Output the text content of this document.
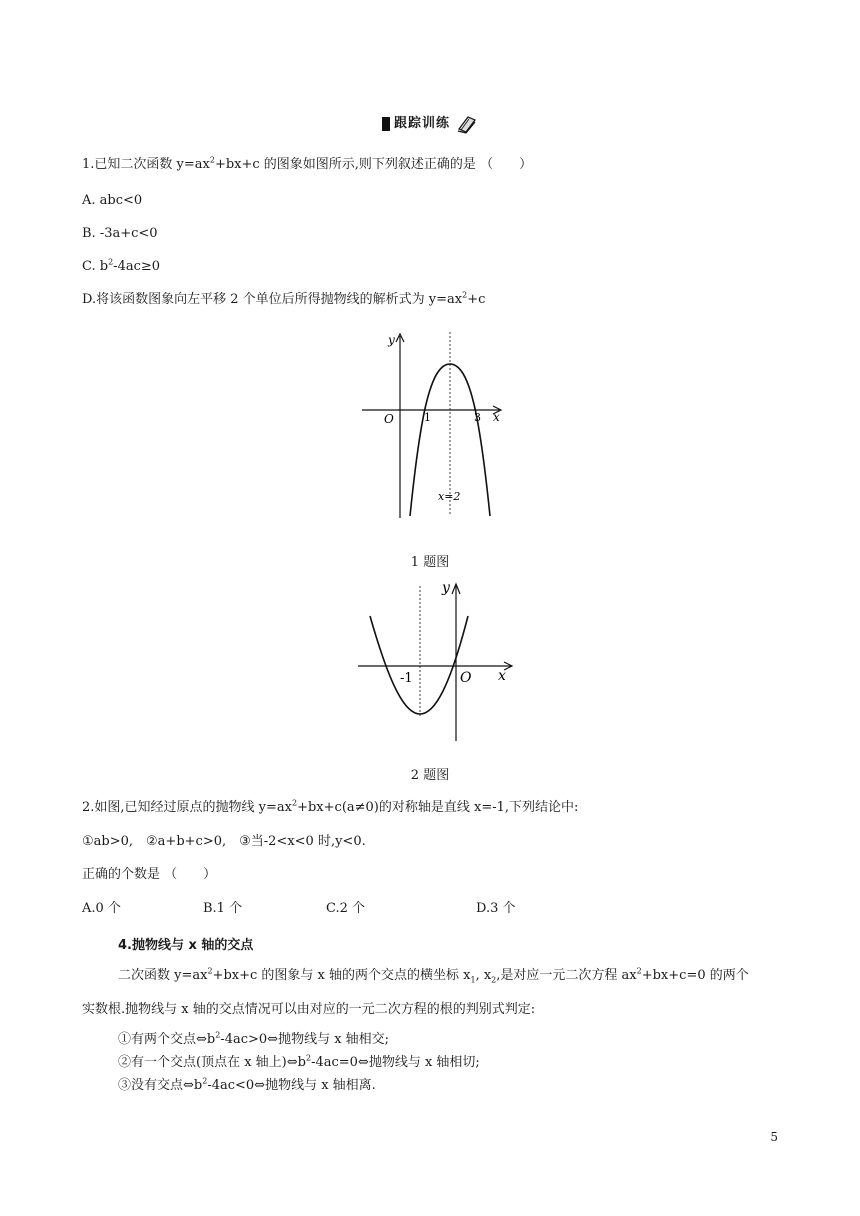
跟踪训练
1.已知二次函数 $y=ax^2+bx+c$ 的图象如图所示,则下列叙述正确的是 （　　）
A. abc<0
B. -3a+c<0
C. $b^2-4ac\ge 0$
D.将该函数图象向左平移 2 个单位后所得抛物线的解析式为 $y=ax^2+c$
y
x
O	1	3
x=2
1 题图
y
x
O
-1
2 题图
2.如图,已知经过原点的抛物线 $y=ax^2+bx+c(a\ne 0)$的对称轴是直线 x=-1,下列结论中:
①ab>0,　②a+b+c>0,　③当-2<x<0 时,y<0.
正确的个数是 （　　）
A.0 个	B.1 个	C.2 个	D.3 个
4.抛物线与 x 轴的交点
二次函数 $y=ax^2+bx+c$ 的图象与 x 轴的两个交点的横坐标 $x_1$, $x_2$,是对应一元二次方程 $ax^2+bx+c=0$ 的两个
实数根.抛物线与 x 轴的交点情况可以由对应的一元二次方程的根的判别式判定:
①有两个交点$\Leftrightarrow b^2-4ac>0\Leftrightarrow$抛物线与 x 轴相交;
②有一个交点(顶点在 x 轴上)$\Leftrightarrow b^2-4ac=0\Leftrightarrow$抛物线与 x 轴相切;
③没有交点$\Leftrightarrow b^2-4ac<0\Leftrightarrow$抛物线与 x 轴相离.
5
